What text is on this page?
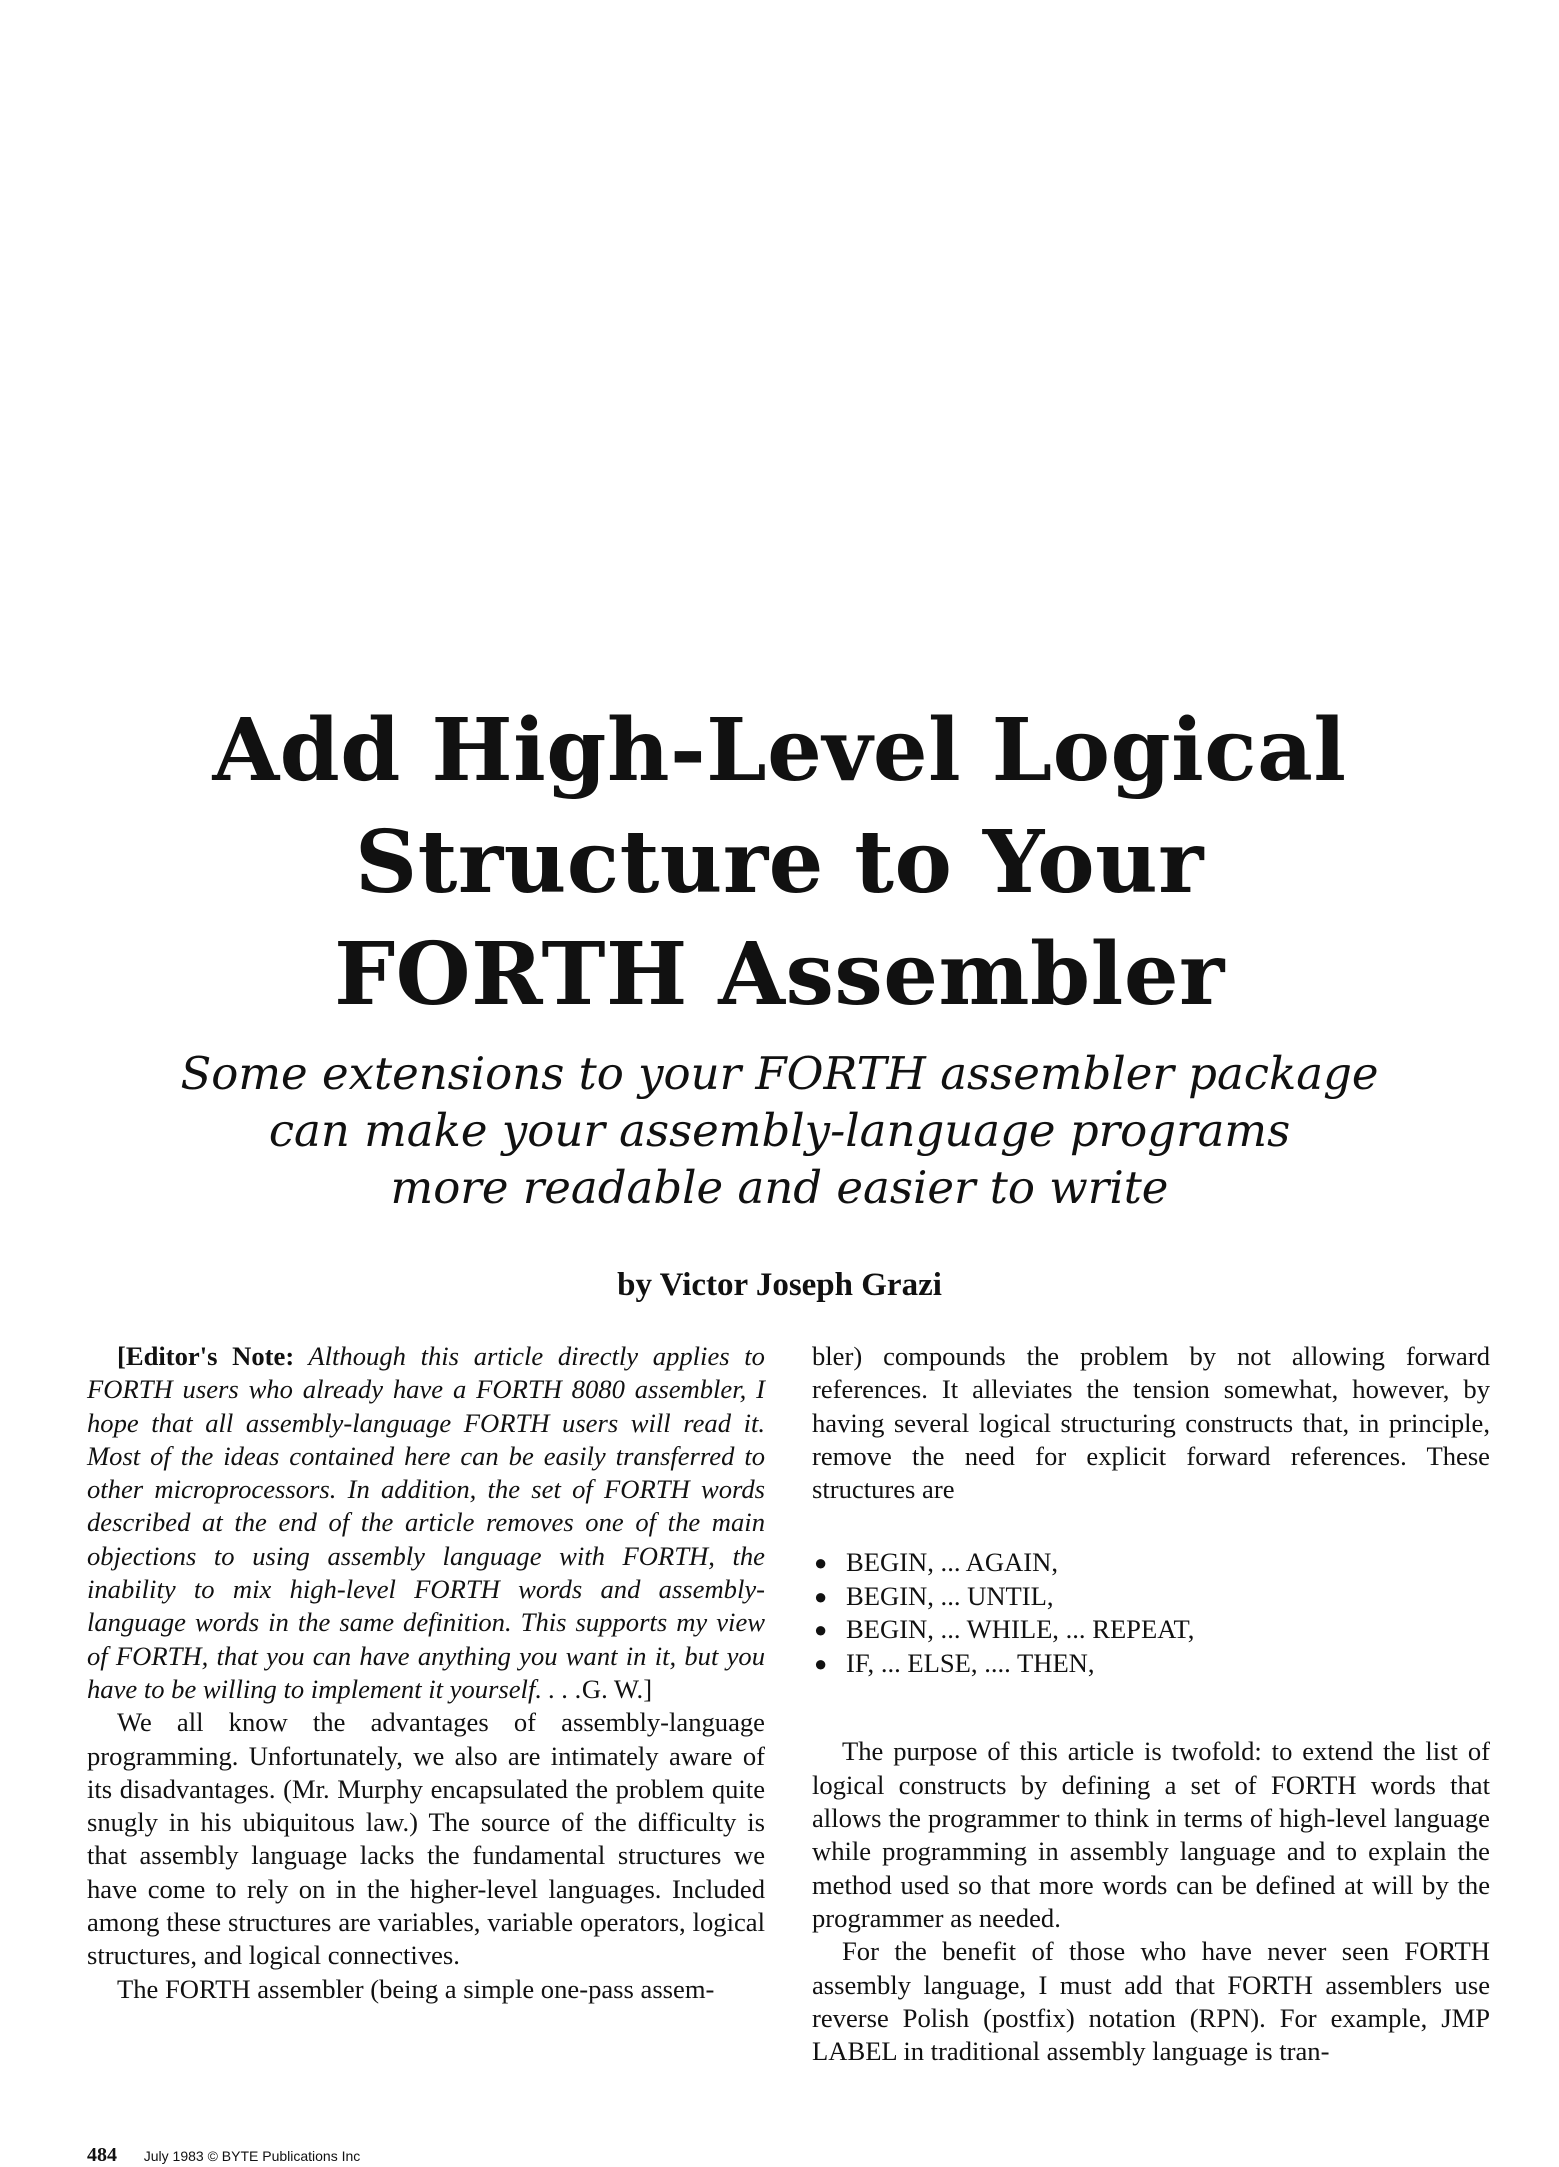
Add High-Level Logical
Structure to Your
FORTH Assembler
Some extensions to your FORTH assembler package
can make your assembly-language programs
more readable and easier to write
by Victor Joseph Grazi

[Editor's Note: Although this article directly applies to FORTH users who already have a FORTH 8080 assembler, I hope that all assembly-language FORTH users will read it. Most of the ideas contained here can be easily transferred to other microprocessors. In addition, the set of FORTH words described at the end of the article removes one of the main objections to using assembly language with FORTH, the inability to mix high-level FORTH words and assembly-language words in the same definition. This supports my view of FORTH, that you can have anything you want in it, but you have to be willing to implement it yourself. . . .G. W.]

We all know the advantages of assembly-language programming. Unfortunately, we also are intimately aware of its disadvantages. (Mr. Murphy encapsulated the problem quite snugly in his ubiquitous law.) The source of the difficulty is that assembly language lacks the fundamental structures we have come to rely on in the higher-level languages. Included among these structures are variables, variable operators, logical structures, and logical connectives.

The FORTH assembler (being a simple one-pass assem-

bler) compounds the problem by not allowing forward references. It alleviates the tension somewhat, however, by having several logical structuring constructs that, in principle, remove the need for explicit forward references. These structures are

● BEGIN, ... AGAIN,
● BEGIN, ... UNTIL,
● BEGIN, ... WHILE, ... REPEAT,
● IF, ... ELSE, .... THEN,

The purpose of this article is twofold: to extend the list of logical constructs by defining a set of FORTH words that allows the programmer to think in terms of high-level language while programming in assembly language and to explain the method used so that more words can be defined at will by the programmer as needed.

For the benefit of those who have never seen FORTH assembly language, I must add that FORTH assemblers use reverse Polish (postfix) notation (RPN). For example, JMP LABEL in traditional assembly language is tran-

484 July 1983 © BYTE Publications Inc
